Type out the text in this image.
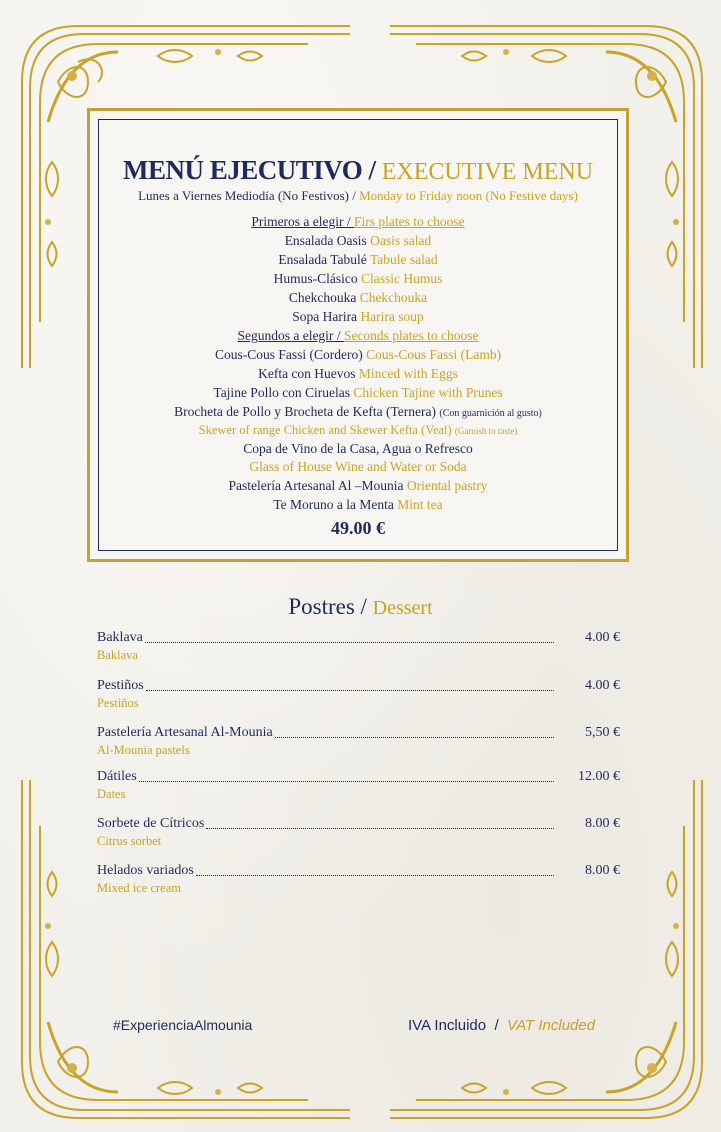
MENÚ EJECUTIVO / EXECUTIVE MENU
Lunes a Viernes Mediodía (No Festivos) / Monday to Friday noon (No Festive days)
Primeros a elegir / Firs plates to choose
Ensalada Oasis Oasis salad
Ensalada Tabulé Tabule salad
Humus-Clásico Classic Humus
Chekchouka Chekchouka
Sopa Harira Harira soup
Segundos a elegir / Seconds plates to choose
Cous-Cous Fassi (Cordero) Cous-Cous Fassi (Lamb)
Kefta con Huevos Minced with Eggs
Tajine Pollo con Ciruelas Chicken Tajine with Prunes
Brocheta de Pollo y Brocheta de Kefta (Ternera) (Con guarnición al gusto)
Skewer of range Chicken and Skewer Kefta (Veal) (Garnish to taste)
Copa de Vino de la Casa, Agua o Refresco
Glass of House Wine and Water or Soda
Pastelería Artesanal Al –Mounia Oriental pastry
Te Moruno a la Menta Mint tea
49.00 €
Postres / Dessert
Baklava	4.00 €
Baklava
Pestiños	4.00 €
Pestiños
Pastelería Artesanal Al-Mounia	5,50 €
Al-Mounia pastels
Dátiles	12.00 €
Dates
Sorbete de Cítricos	8.00 €
Citrus sorbet
Helados variados	8.00 €
Mixed ice cream
#ExperienciaAlmounia	IVA Incluido  /  VAT Included
